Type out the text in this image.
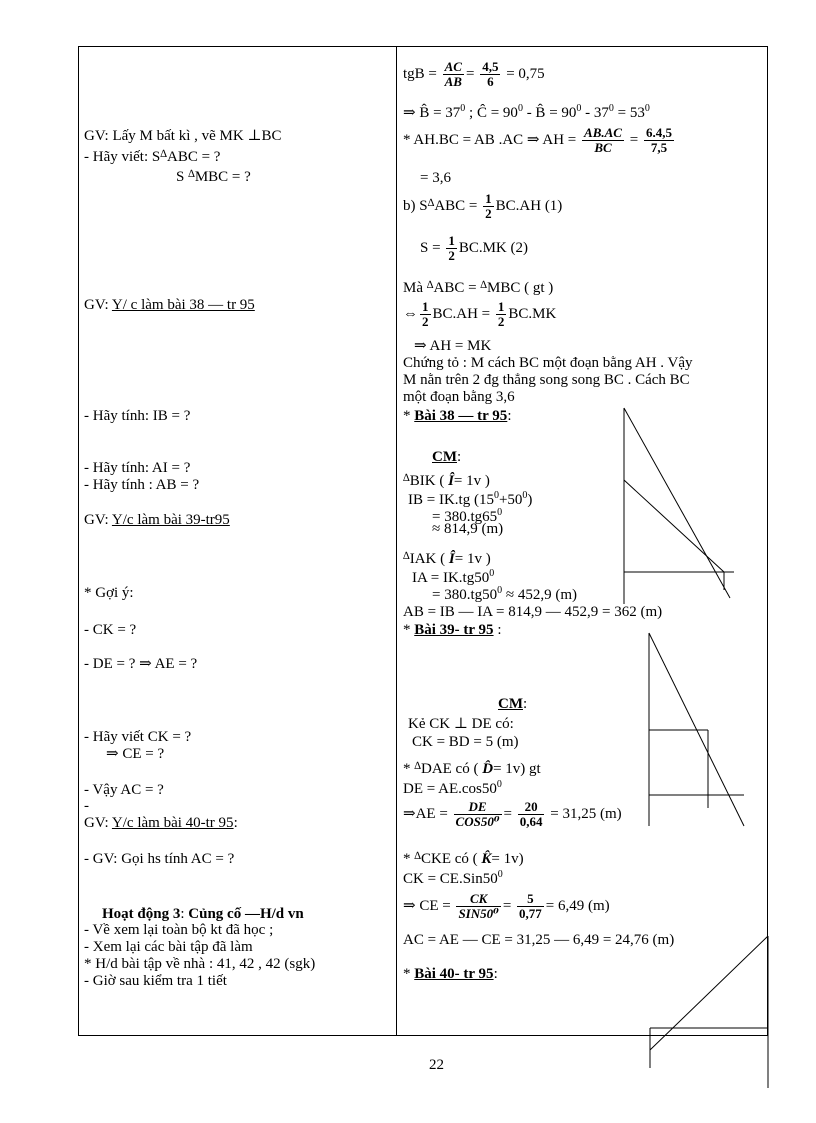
GV: Lấy M bất kì , vẽ MK ⊥BC
- Hãy viết: S∆ABC = ?
S ∆MBC = ?
GV: Y/ c làm bài 38 — tr 95
- Hãy tính: IB = ?
- Hãy tính: AI = ?
- Hãy tính : AB = ?
GV: Y/c làm bài 39-tr95
* Gợi ý:
- CK = ?
- DE = ? ⇒ AE = ?
- Hãy viết CK = ?
⇒ CE = ?
- Vậy AC = ?
-
GV: Y/c làm bài 40-tr 95:
- GV: Gọi hs tính AC = ?
Hoạt động 3: Củng cố —H/d vn
- Về xem lại toàn bộ kt đã học ;
- Xem lại các bài tập đã làm
* H/d bài tập về nhà : 41, 42 , 42 (sgk)
- Giờ sau kiểm tra 1 tiết
tgB = $\frac{AC}{AB} = \frac{4,5}{6} = 0,75$
⇒ B̂ = $37^0$ ; Ĉ = $90^0$ - B̂ = $90^0 - 37^0 = 53^0$
* AH.BC = AB .AC ⇒ AH = $\frac{AB.AC}{BC} = \frac{6.4,5}{7,5}$
= 3,6
b) $S^\Delta ABC = \frac{1}{2} BC.AH$ (1)
$S = \frac{1}{2} BC.MK$ (2)
Mà ∆ABC = ∆MBC ( gt )
⇔ $\frac{1}{2} BC.AH = \frac{1}{2} BC.MK$
⇒ AH = MK
Chứng tỏ : M cách BC một đoạn bằng AH . Vậy
M nằn trên 2 đg thẳng song song BC . Cách BC
một đoạn bằng 3,6
* Bài 38 — tr 95:
CM:
∆BIK ( Î= 1v )
IB = IK.tg $(15^0+50^0)$
= $380.tg65^0$
≈ 814,9 (m)
∆IAK ( Î= 1v )
IA = $IK.tg50^0$
= $380.tg50^0 \approx 452,9$ (m)
AB = IB — IA = 814,9 — 452,9 = 362 (m)
* Bài 39- tr 95 :
CM:
Kẻ CK ⊥ DE có:
CK = BD = 5 (m)
* ∆DAE có ( D̂= 1v) gt
DE = $AE.\cos 50^0$
⇒AE =	DE
$COS50^0 = \frac{20}{0,64} = 31,25$ (m)
* ∆CKE có ( K̂= 1v)
CK = $CE.Sin50^0$
⇒ CE =	CK
$SIN50^0 = \frac{5}{0,77} = 6,49$ (m)
AC = AE — CE = 31,25 — 6,49 = 24,76 (m)
* Bài 40- tr 95:
22
